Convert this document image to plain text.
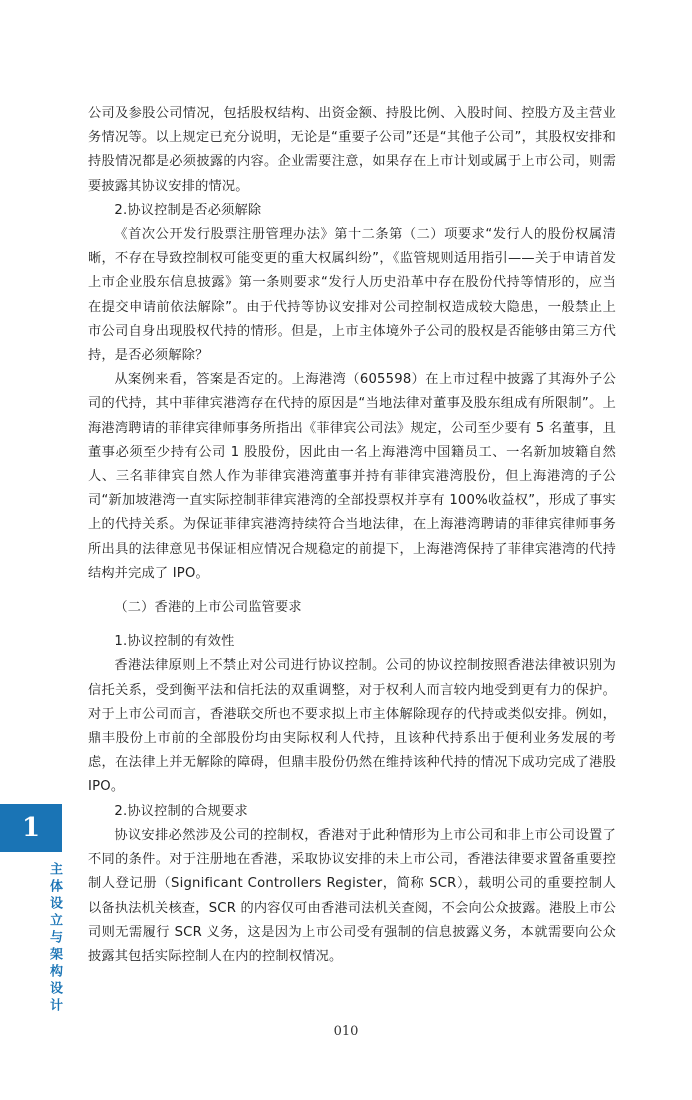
公司及参股公司情况，包括股权结构、出资金额、持股比例、入股时间、控股方及主营业务情况等。以上规定已充分说明，无论是“重要子公司”还是“其他子公司”，其股权安排和持股情况都是必须披露的内容。企业需要注意，如果存在上市计划或属于上市公司，则需要披露其协议安排的情况。

2.协议控制是否必须解除

《首次公开发行股票注册管理办法》第十二条第（二）项要求“发行人的股份权属清晰，不存在导致控制权可能变更的重大权属纠纷”，《监管规则适用指引——关于申请首发上市企业股东信息披露》第一条则要求“发行人历史沿革中存在股份代持等情形的，应当在提交申请前依法解除”。由于代持等协议安排对公司控制权造成较大隐患，一般禁止上市公司自身出现股权代持的情形。但是，上市主体境外子公司的股权是否能够由第三方代持，是否必须解除？

从案例来看，答案是否定的。上海港湾（605598）在上市过程中披露了其海外子公司的代持，其中菲律宾港湾存在代持的原因是“当地法律对董事及股东组成有所限制”。上海港湾聘请的菲律宾律师事务所指出《菲律宾公司法》规定，公司至少要有 5 名董事，且董事必须至少持有公司 1 股股份，因此由一名上海港湾中国籍员工、一名新加坡籍自然人、三名菲律宾自然人作为菲律宾港湾董事并持有菲律宾港湾股份，但上海港湾的子公司“新加坡港湾一直实际控制菲律宾港湾的全部投票权并享有 100%收益权”，形成了事实上的代持关系。为保证菲律宾港湾持续符合当地法律，在上海港湾聘请的菲律宾律师事务所出具的法律意见书保证相应情况合规稳定的前提下，上海港湾保持了菲律宾港湾的代持结构并完成了 IPO。

（二）香港的上市公司监管要求
1.协议控制的有效性

香港法律原则上不禁止对公司进行协议控制。公司的协议控制按照香港法律被识别为信托关系，受到衡平法和信托法的双重调整，对于权利人而言较内地受到更有力的保护。对于上市公司而言，香港联交所也不要求拟上市主体解除现存的代持或类似安排。例如，鼎丰股份上市前的全部股份均由実际权利人代持，且该种代持系出于便利业务发展的考虑，在法律上并无解除的障碍，但鼎丰股份仍然在维持该种代持的情况下成功完成了港股 IPO。

2.协议控制的合规要求

协议安排必然涉及公司的控制权，香港对于此种情形为上市公司和非上市公司设置了不同的条件。对于注册地在香港，采取协议安排的未上市公司，香港法律要求置备重要控制人登记册（Significant Controllers Register，简称 SCR），载明公司的重要控制人以备执法机关核查，SCR 的内容仅可由香港司法机关查阅，不会向公众披露。港股上市公司则无需履行 SCR 义务，这是因为上市公司受有强制的信息披露义务，本就需要向公众披露其包括实际控制人在内的控制权情况。

1
主体设立与架构设计
010
